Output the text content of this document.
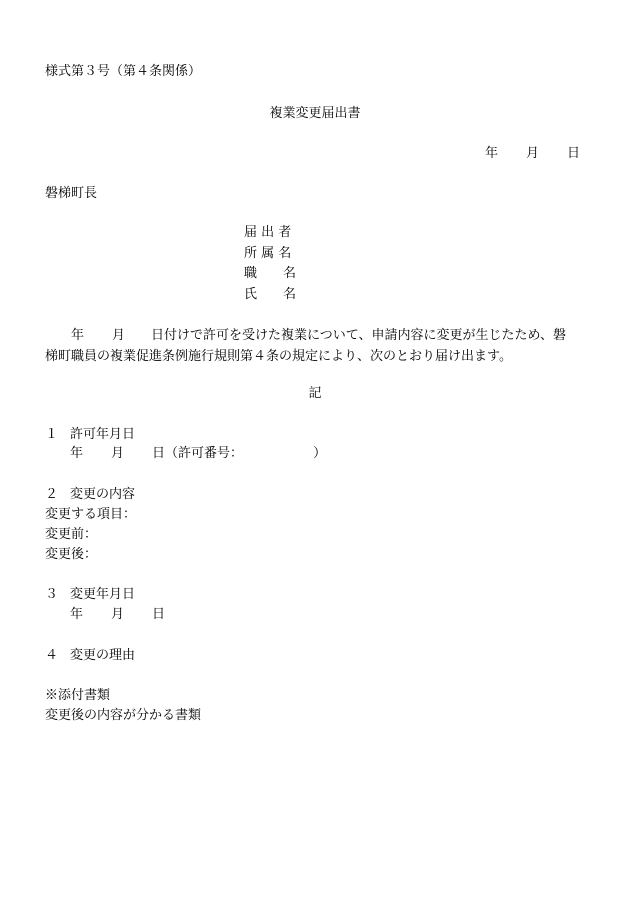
様式第３号（第４条関係）
複業変更届出書
年 月 日
磐梯町長
届 出 者
所 属 名
職　　名
氏　　名
年 月 日付けで許可を受けた複業について、申請内容に変更が生じたため、磐
梯町職員の複業促進条例施行規則第４条の規定により、次のとおり届け出ます。
記
１ 許可年月日
年 月 日（許可番号：	）
２ 変更の内容
変更する項目：
変更前：
変更後：
３ 変更年月日
年 月 日
４ 変更の理由
※添付書類
変更後の内容が分かる書類
